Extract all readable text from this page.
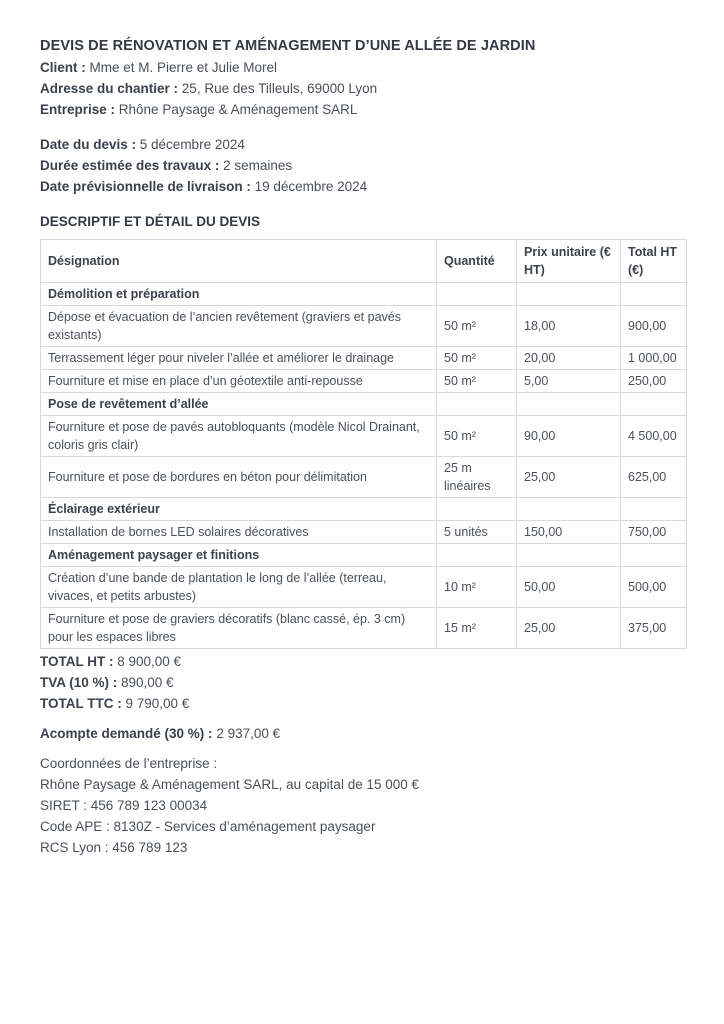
DEVIS DE RÉNOVATION ET AMÉNAGEMENT D’UNE ALLÉE DE JARDIN
Client : Mme et M. Pierre et Julie Morel
Adresse du chantier : 25, Rue des Tilleuls, 69000 Lyon
Entreprise : Rhône Paysage & Aménagement SARL
Date du devis : 5 décembre 2024
Durée estimée des travaux : 2 semaines
Date prévisionnelle de livraison : 19 décembre 2024
DESCRIPTIF ET DÉTAIL DU DEVIS
Désignation	Quantité	Prix unitaire (€ HT)	Total HT (€)
Démolition et préparation			
Dépose et évacuation de l’ancien revêtement (graviers et pavés existants)	50 m²	18,00	900,00
Terrassement léger pour niveler l’allée et améliorer le drainage	50 m²	20,00	1 000,00
Fourniture et mise en place d’un géotextile anti-repousse	50 m²	5,00	250,00
Pose de revêtement d’allée			
Fourniture et pose de pavés autobloquants (modèle Nicol Drainant, coloris gris clair)	50 m²	90,00	4 500,00
Fourniture et pose de bordures en béton pour délimitation	25 m linéaires	25,00	625,00
Éclairage extérieur			
Installation de bornes LED solaires décoratives	5 unités	150,00	750,00
Aménagement paysager et finitions			
Création d’une bande de plantation le long de l’allée (terreau, vivaces, et petits arbustes)	10 m²	50,00	500,00
Fourniture et pose de graviers décoratifs (blanc cassé, ép. 3 cm) pour les espaces libres	15 m²	25,00	375,00
TOTAL HT : 8 900,00 €
TVA (10 %) : 890,00 €
TOTAL TTC : 9 790,00 €
Acompte demandé (30 %) : 2 937,00 €
Coordonnées de l’entreprise :
Rhône Paysage & Aménagement SARL, au capital de 15 000 €
SIRET : 456 789 123 00034
Code APE : 8130Z - Services d’aménagement paysager
RCS Lyon : 456 789 123
